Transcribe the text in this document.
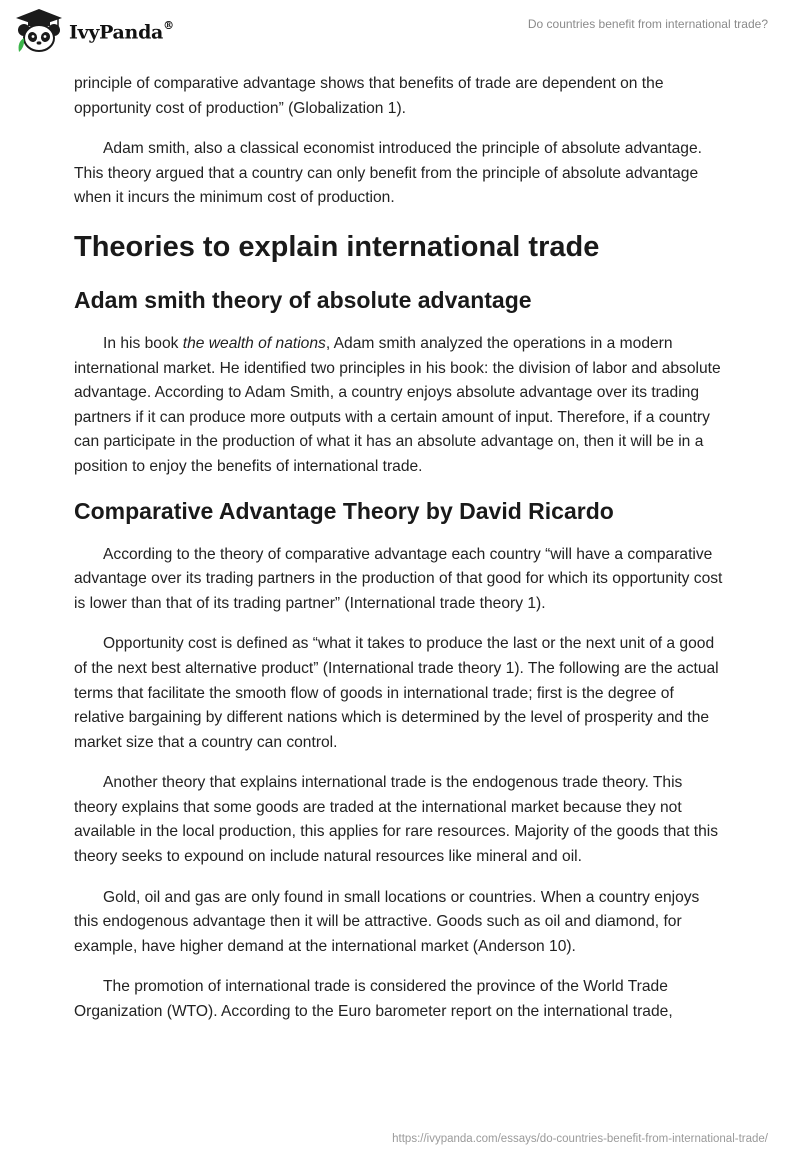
IvyPanda®	Do countries benefit from international trade?

principle of comparative advantage shows that benefits of trade are dependent on the opportunity cost of production” (Globalization 1).

Adam smith, also a classical economist introduced the principle of absolute advantage. This theory argued that a country can only benefit from the principle of absolute advantage when it incurs the minimum cost of production.

Theories to explain international trade
Adam smith theory of absolute advantage

In his book the wealth of nations, Adam smith analyzed the operations in a modern international market. He identified two principles in his book: the division of labor and absolute advantage. According to Adam Smith, a country enjoys absolute advantage over its trading partners if it can produce more outputs with a certain amount of input. Therefore, if a country can participate in the production of what it has an absolute advantage on, then it will be in a position to enjoy the benefits of international trade.

Comparative Advantage Theory by David Ricardo

According to the theory of comparative advantage each country “will have a comparative advantage over its trading partners in the production of that good for which its opportunity cost is lower than that of its trading partner” (International trade theory 1).

Opportunity cost is defined as “what it takes to produce the last or the next unit of a good of the next best alternative product” (International trade theory 1). The following are the actual terms that facilitate the smooth flow of goods in international trade; first is the degree of relative bargaining by different nations which is determined by the level of prosperity and the market size that a country can control.

Another theory that explains international trade is the endogenous trade theory. This theory explains that some goods are traded at the international market because they not available in the local production, this applies for rare resources. Majority of the goods that this theory seeks to expound on include natural resources like mineral and oil.

Gold, oil and gas are only found in small locations or countries. When a country enjoys this endogenous advantage then it will be attractive. Goods such as oil and diamond, for example, have higher demand at the international market (Anderson 10).

The promotion of international trade is considered the province of the World Trade Organization (WTO). According to the Euro barometer report on the international trade,

https://ivypanda.com/essays/do-countries-benefit-from-international-trade/
